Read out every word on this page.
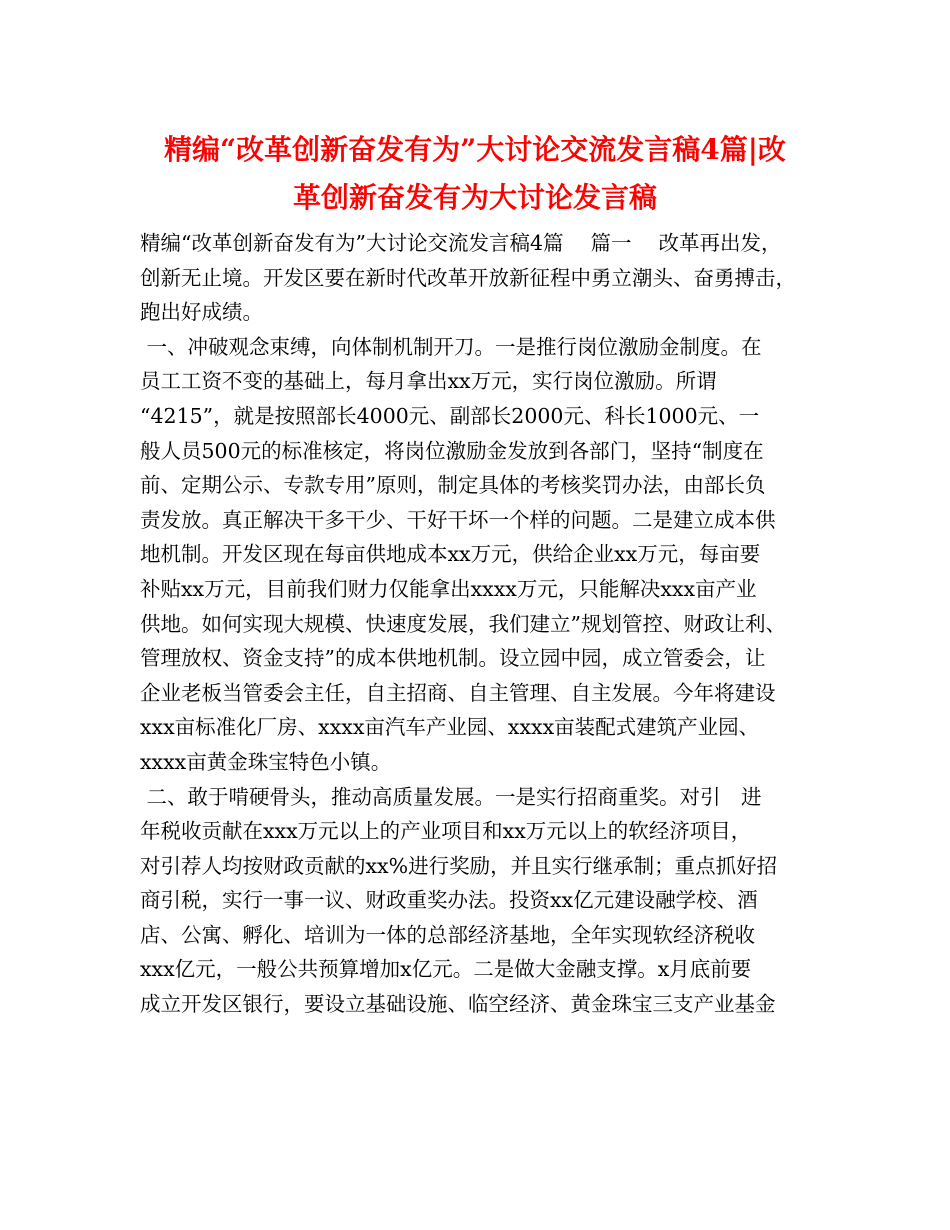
精编“改革创新奋发有为”大讨论交流发言稿4篇|改
革创新奋发有为大讨论发言稿
精编“改革创新奋发有为”大讨论交流发言稿4篇　 篇一　 改革再出发，
创新无止境。开发区要在新时代改革开放新征程中勇立潮头、奋勇搏击，
跑出好成绩。
一、冲破观念束缚，向体制机制开刀。一是推行岗位激励金制度。在
员工工资不变的基础上，每月拿出xx万元，实行岗位激励。所谓
“4215”，就是按照部长4000元、副部长2000元、科长1000元、一
般人员500元的标准核定，将岗位激励金发放到各部门，坚持“制度在
前、定期公示、专款专用”原则，制定具体的考核奖罚办法，由部长负
责发放。真正解决干多干少、干好干坏一个样的问题。二是建立成本供
地机制。开发区现在每亩供地成本xx万元，供给企业xx万元，每亩要
补贴xx万元，目前我们财力仅能拿出xxxx万元，只能解决xxx亩产业
供地。如何实现大规模、快速度发展，我们建立”规划管控、财政让利、
管理放权、资金支持”的成本供地机制。设立园中园，成立管委会，让
企业老板当管委会主任，自主招商、自主管理、自主发展。今年将建设
xxx亩标准化厂房、xxxx亩汽车产业园、xxxx亩装配式建筑产业园、
xxxx亩黄金珠宝特色小镇。
二、敢于啃硬骨头，推动高质量发展。一是实行招商重奖。对引　进
年税收贡献在xxx万元以上的产业项目和xx万元以上的软经济项目，
对引荐人均按财政贡献的xx%进行奖励，并且实行继承制；重点抓好招
商引税，实行一事一议、财政重奖办法。投资xx亿元建设融学校、酒
店、公寓、孵化、培训为一体的总部经济基地，全年实现软经济税收
xxx亿元，一般公共预算增加x亿元。二是做大金融支撑。x月底前要
成立开发区银行，要设立基础设施、临空经济、黄金珠宝三支产业基金
